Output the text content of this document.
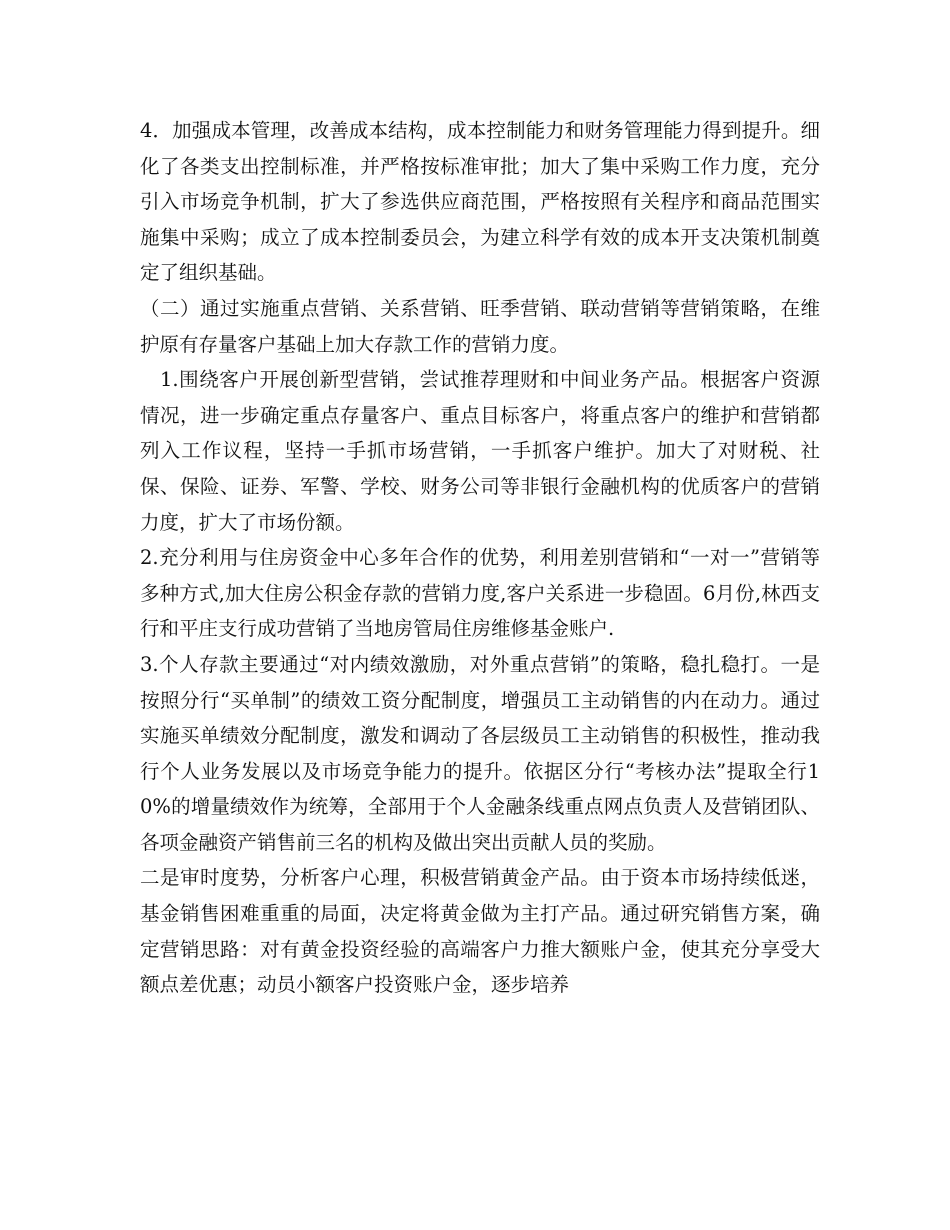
4．加强成本管理，改善成本结构，成本控制能力和财务管理能力得到提升。细化了各类支出控制标准，并严格按标准审批；加大了集中采购工作力度，充分引入市场竞争机制，扩大了参选供应商范围，严格按照有关程序和商品范围实施集中采购；成立了成本控制委员会，为建立科学有效的成本开支决策机制奠定了组织基础。

（二）通过实施重点营销、关系营销、旺季营销、联动营销等营销策略，在维护原有存量客户基础上加大存款工作的营销力度。

1.围绕客户开展创新型营销，尝试推荐理财和中间业务产品。根据客户资源情况，进一步确定重点存量客户、重点目标客户，将重点客户的维护和营销都列入工作议程，坚持一手抓市场营销，一手抓客户维护。加大了对财税、社保、保险、证券、军警、学校、财务公司等非银行金融机构的优质客户的营销力度，扩大了市场份额。

2.充分利用与住房资金中心多年合作的优势，利用差别营销和“一对一”营销等多种方式,加大住房公积金存款的营销力度,客户关系进一步稳固。6月份,林西支行和平庄支行成功营销了当地房管局住房维修基金账户.

3.个人存款主要通过“对内绩效激励，对外重点营销”的策略，稳扎稳打。一是按照分行“买单制”的绩效工资分配制度，增强员工主动销售的内在动力。通过实施买单绩效分配制度，激发和调动了各层级员工主动销售的积极性，推动我行个人业务发展以及市场竞争能力的提升。依据区分行“考核办法”提取全行10%的增量绩效作为统筹，全部用于个人金融条线重点网点负责人及营销团队、各项金融资产销售前三名的机构及做出突出贡献人员的奖励。

二是审时度势，分析客户心理，积极营销黄金产品。由于资本市场持续低迷，基金销售困难重重的局面，决定将黄金做为主打产品。通过研究销售方案，确定营销思路：对有黄金投资经验的高端客户力推大额账户金，使其充分享受大额点差优惠；动员小额客户投资账户金，逐步培养
